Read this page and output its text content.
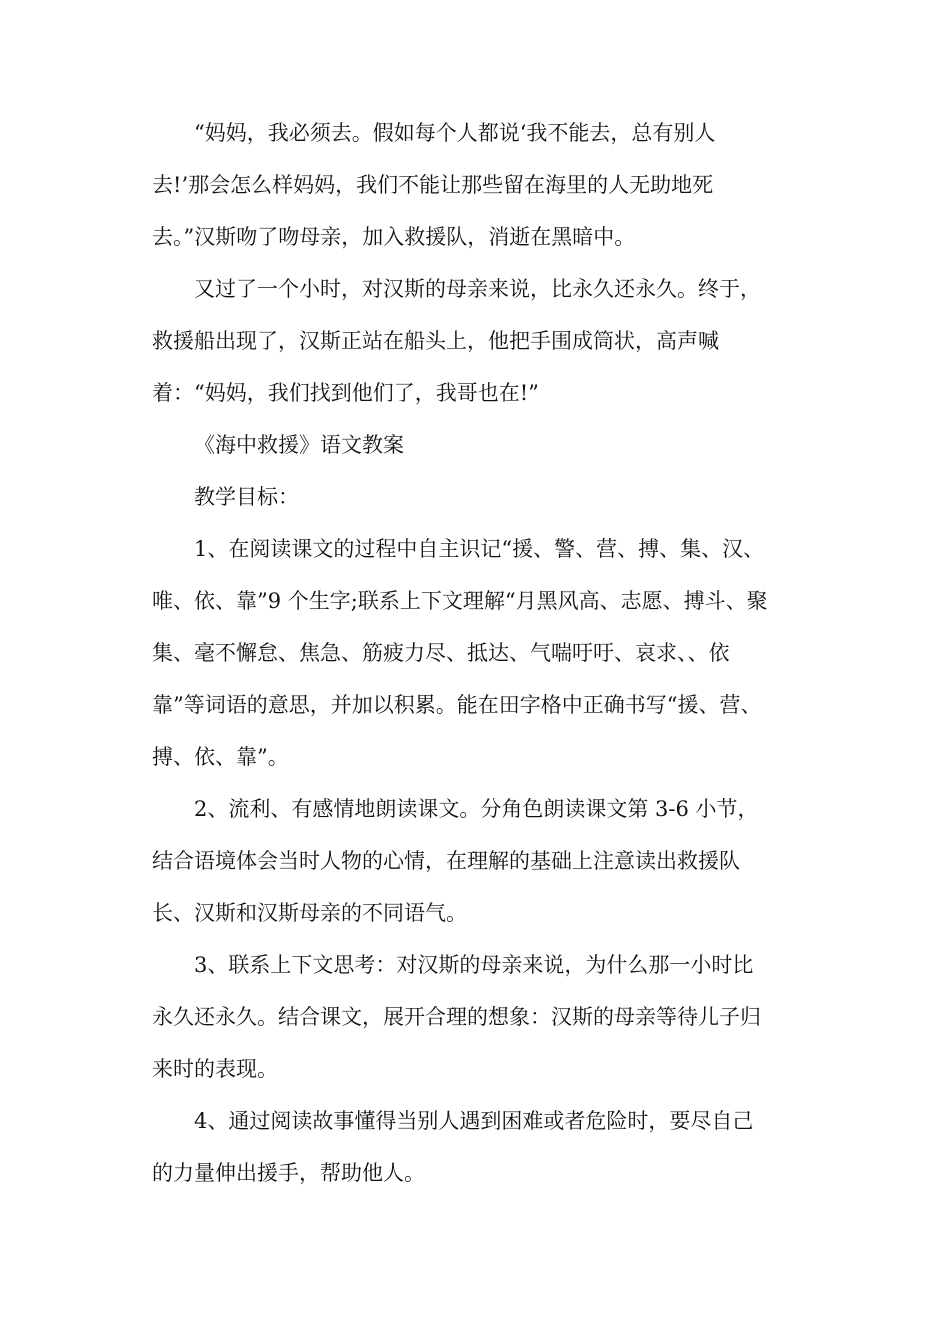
“妈妈，我必须去。假如每个人都说‘我不能去，总有别人
去!’那会怎么样妈妈，我们不能让那些留在海里的人无助地死
去。”汉斯吻了吻母亲，加入救援队，消逝在黑暗中。
又过了一个小时，对汉斯的母亲来说，比永久还永久。终于，
救援船出现了，汉斯正站在船头上，他把手围成筒状，高声喊
着：“妈妈，我们找到他们了，我哥也在!”
《海中救援》语文教案
教学目标：
1、在阅读课文的过程中自主识记“援、警、营、搏、集、汉、
唯、依、靠”9 个生字;联系上下文理解“月黑风高、志愿、搏斗、聚
集、毫不懈怠、焦急、筋疲力尽、抵达、气喘吁吁、哀求、、依
靠”等词语的意思，并加以积累。能在田字格中正确书写“援、营、
搏、依、靠”。
2、流利、有感情地朗读课文。分角色朗读课文第 3-6 小节，
结合语境体会当时人物的心情，在理解的基础上注意读出救援队
长、汉斯和汉斯母亲的不同语气。
3、联系上下文思考：对汉斯的母亲来说，为什么那一小时比
永久还永久。结合课文，展开合理的想象：汉斯的母亲等待儿子归
来时的表现。
4、通过阅读故事懂得当别人遇到困难或者危险时，要尽自己
的力量伸出援手，帮助他人。
